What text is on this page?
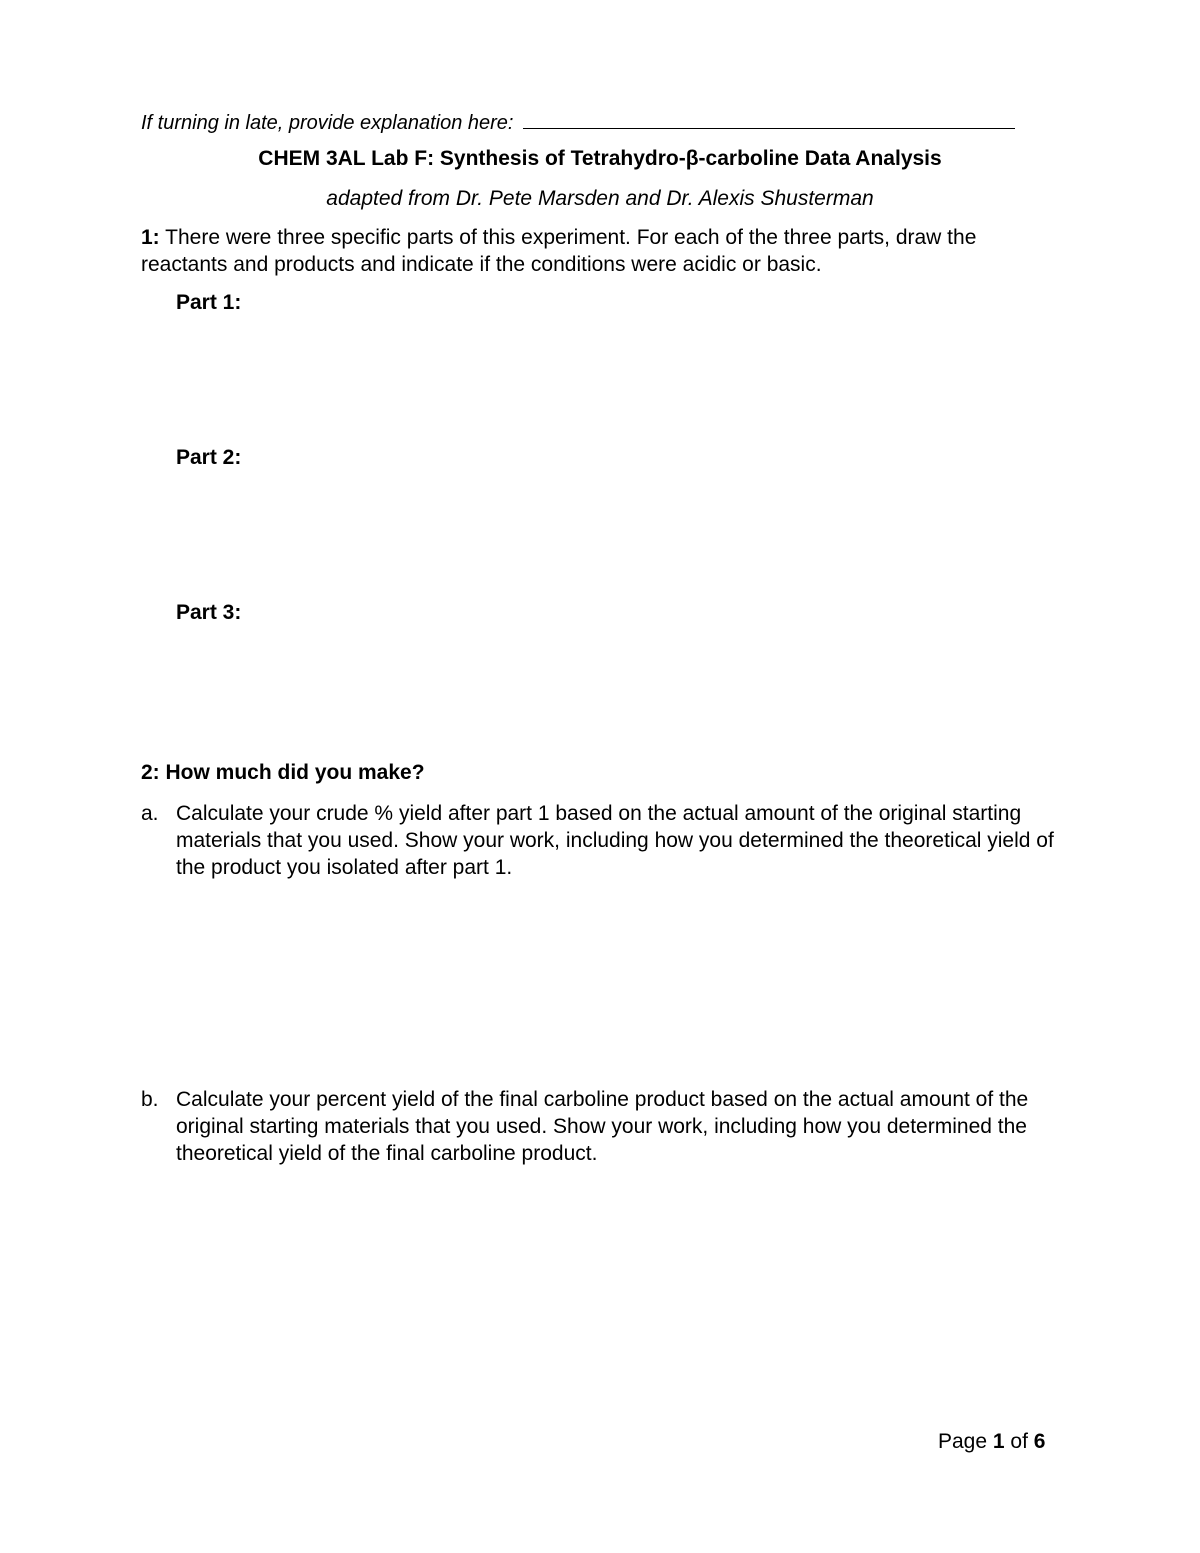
If turning in late, provide explanation here:
CHEM 3AL Lab F: Synthesis of Tetrahydro-β-carboline Data Analysis
adapted from Dr. Pete Marsden and Dr. Alexis Shusterman
1: There were three specific parts of this experiment. For each of the three parts, draw the reactants and products and indicate if the conditions were acidic or basic.
Part 1:
Part 2:
Part 3:
2: How much did you make?
a. Calculate your crude % yield after part 1 based on the actual amount of the original starting materials that you used. Show your work, including how you determined the theoretical yield of the product you isolated after part 1.
b. Calculate your percent yield of the final carboline product based on the actual amount of the original starting materials that you used. Show your work, including how you determined the theoretical yield of the final carboline product.
Page 1 of 6
